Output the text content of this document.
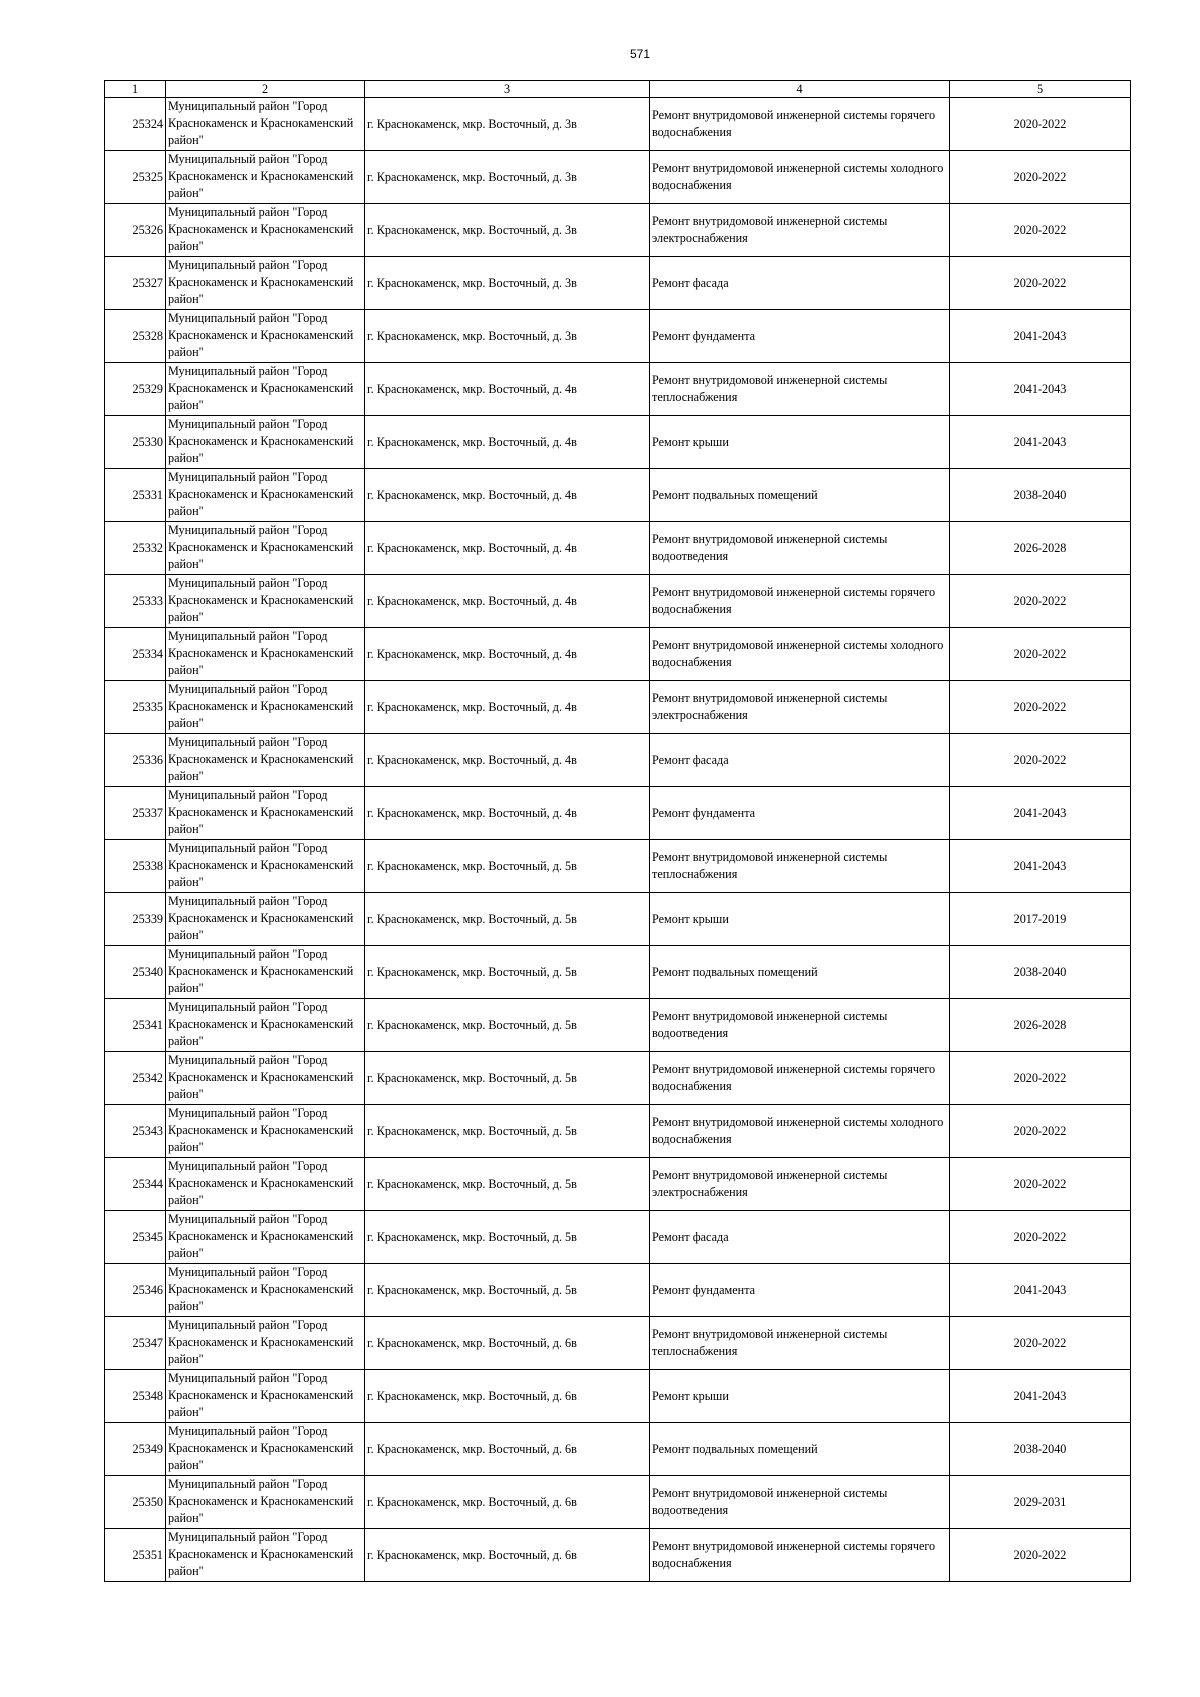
571
1	2	3	4	5
25324	Муниципальный район "Город Краснокаменск и Краснокаменский район"	г. Краснокаменск, мкр. Восточный, д. 3в	Ремонт внутридомовой инженерной системы горячего водоснабжения	2020-2022
25325	Муниципальный район "Город Краснокаменск и Краснокаменский район"	г. Краснокаменск, мкр. Восточный, д. 3в	Ремонт внутридомовой инженерной системы холодного водоснабжения	2020-2022
25326	Муниципальный район "Город Краснокаменск и Краснокаменский район"	г. Краснокаменск, мкр. Восточный, д. 3в	Ремонт внутридомовой инженерной системы электроснабжения	2020-2022
25327	Муниципальный район "Город Краснокаменск и Краснокаменский район"	г. Краснокаменск, мкр. Восточный, д. 3в	Ремонт фасада	2020-2022
25328	Муниципальный район "Город Краснокаменск и Краснокаменский район"	г. Краснокаменск, мкр. Восточный, д. 3в	Ремонт фундамента	2041-2043
25329	Муниципальный район "Город Краснокаменск и Краснокаменский район"	г. Краснокаменск, мкр. Восточный, д. 4в	Ремонт внутридомовой инженерной системы теплоснабжения	2041-2043
25330	Муниципальный район "Город Краснокаменск и Краснокаменский район"	г. Краснокаменск, мкр. Восточный, д. 4в	Ремонт крыши	2041-2043
25331	Муниципальный район "Город Краснокаменск и Краснокаменский район"	г. Краснокаменск, мкр. Восточный, д. 4в	Ремонт подвальных помещений	2038-2040
25332	Муниципальный район "Город Краснокаменск и Краснокаменский район"	г. Краснокаменск, мкр. Восточный, д. 4в	Ремонт внутридомовой инженерной системы водоотведения	2026-2028
25333	Муниципальный район "Город Краснокаменск и Краснокаменский район"	г. Краснокаменск, мкр. Восточный, д. 4в	Ремонт внутридомовой инженерной системы горячего водоснабжения	2020-2022
25334	Муниципальный район "Город Краснокаменск и Краснокаменский район"	г. Краснокаменск, мкр. Восточный, д. 4в	Ремонт внутридомовой инженерной системы холодного водоснабжения	2020-2022
25335	Муниципальный район "Город Краснокаменск и Краснокаменский район"	г. Краснокаменск, мкр. Восточный, д. 4в	Ремонт внутридомовой инженерной системы электроснабжения	2020-2022
25336	Муниципальный район "Город Краснокаменск и Краснокаменский район"	г. Краснокаменск, мкр. Восточный, д. 4в	Ремонт фасада	2020-2022
25337	Муниципальный район "Город Краснокаменск и Краснокаменский район"	г. Краснокаменск, мкр. Восточный, д. 4в	Ремонт фундамента	2041-2043
25338	Муниципальный район "Город Краснокаменск и Краснокаменский район"	г. Краснокаменск, мкр. Восточный, д. 5в	Ремонт внутридомовой инженерной системы теплоснабжения	2041-2043
25339	Муниципальный район "Город Краснокаменск и Краснокаменский район"	г. Краснокаменск, мкр. Восточный, д. 5в	Ремонт крыши	2017-2019
25340	Муниципальный район "Город Краснокаменск и Краснокаменский район"	г. Краснокаменск, мкр. Восточный, д. 5в	Ремонт подвальных помещений	2038-2040
25341	Муниципальный район "Город Краснокаменск и Краснокаменский район"	г. Краснокаменск, мкр. Восточный, д. 5в	Ремонт внутридомовой инженерной системы водоотведения	2026-2028
25342	Муниципальный район "Город Краснокаменск и Краснокаменский район"	г. Краснокаменск, мкр. Восточный, д. 5в	Ремонт внутридомовой инженерной системы горячего водоснабжения	2020-2022
25343	Муниципальный район "Город Краснокаменск и Краснокаменский район"	г. Краснокаменск, мкр. Восточный, д. 5в	Ремонт внутридомовой инженерной системы холодного водоснабжения	2020-2022
25344	Муниципальный район "Город Краснокаменск и Краснокаменский район"	г. Краснокаменск, мкр. Восточный, д. 5в	Ремонт внутридомовой инженерной системы электроснабжения	2020-2022
25345	Муниципальный район "Город Краснокаменск и Краснокаменский район"	г. Краснокаменск, мкр. Восточный, д. 5в	Ремонт фасада	2020-2022
25346	Муниципальный район "Город Краснокаменск и Краснокаменский район"	г. Краснокаменск, мкр. Восточный, д. 5в	Ремонт фундамента	2041-2043
25347	Муниципальный район "Город Краснокаменск и Краснокаменский район"	г. Краснокаменск, мкр. Восточный, д. 6в	Ремонт внутридомовой инженерной системы теплоснабжения	2020-2022
25348	Муниципальный район "Город Краснокаменск и Краснокаменский район"	г. Краснокаменск, мкр. Восточный, д. 6в	Ремонт крыши	2041-2043
25349	Муниципальный район "Город Краснокаменск и Краснокаменский район"	г. Краснокаменск, мкр. Восточный, д. 6в	Ремонт подвальных помещений	2038-2040
25350	Муниципальный район "Город Краснокаменск и Краснокаменский район"	г. Краснокаменск, мкр. Восточный, д. 6в	Ремонт внутридомовой инженерной системы водоотведения	2029-2031
25351	Муниципальный район "Город Краснокаменск и Краснокаменский район"	г. Краснокаменск, мкр. Восточный, д. 6в	Ремонт внутридомовой инженерной системы горячего водоснабжения	2020-2022
